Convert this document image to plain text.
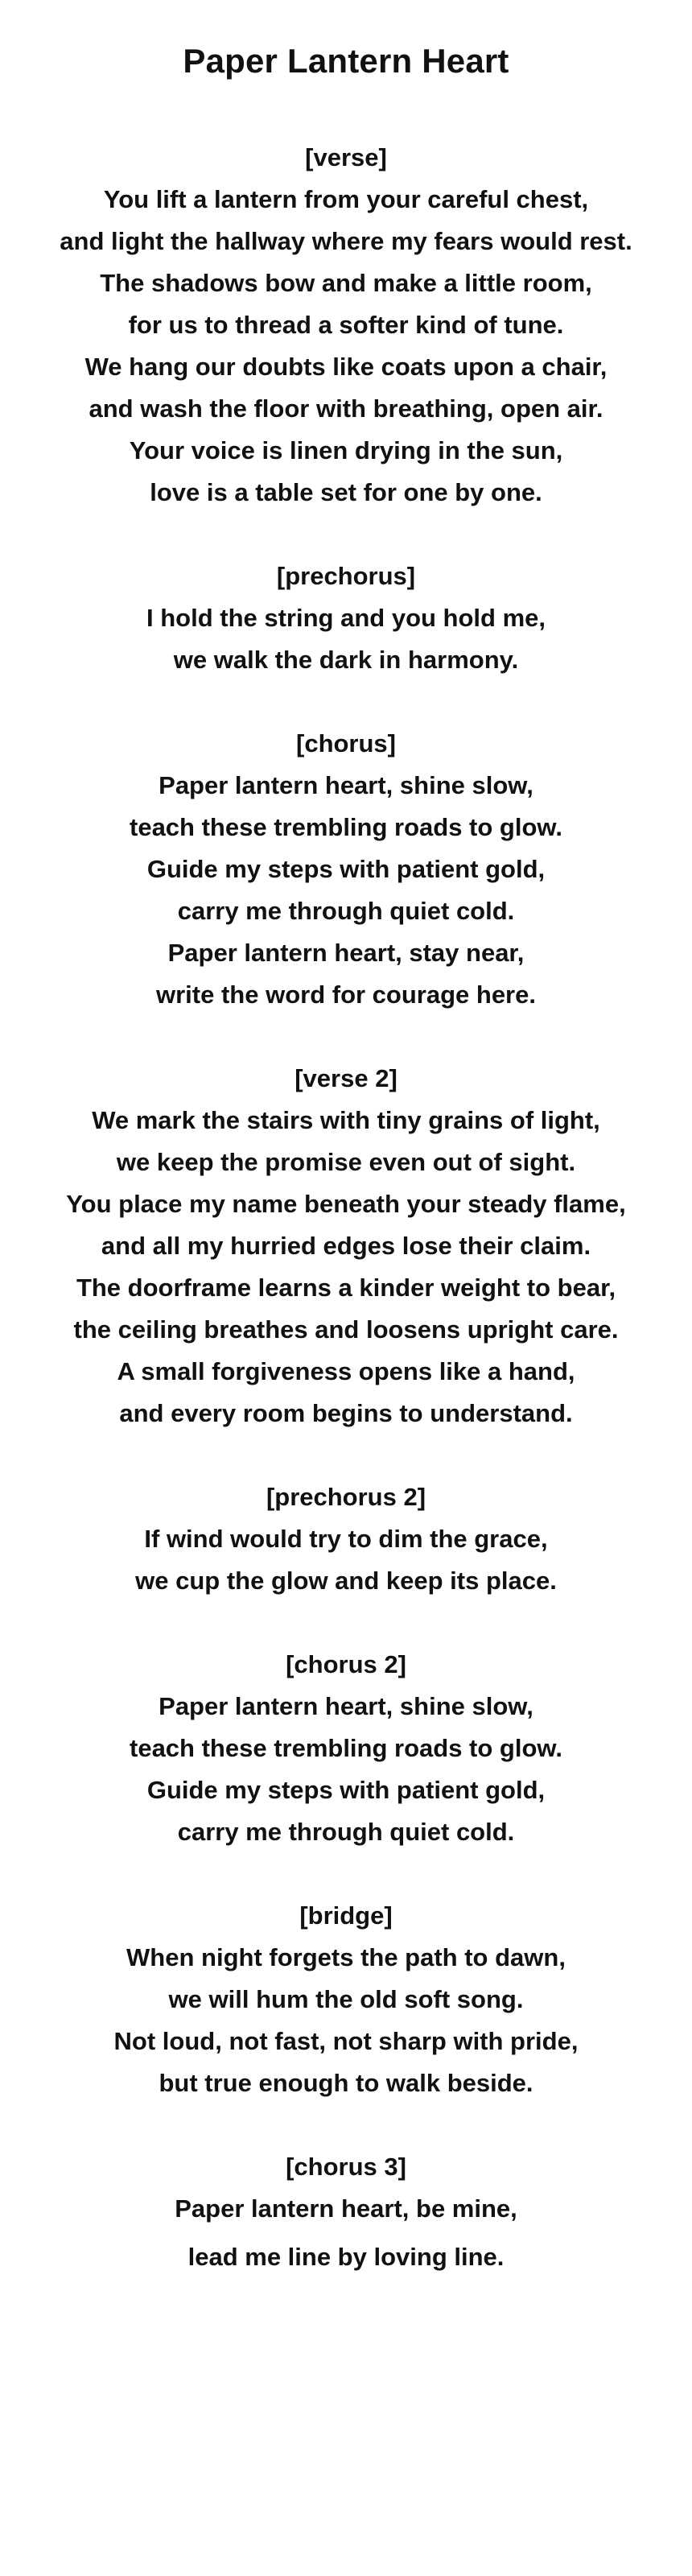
Paper Lantern Heart
[verse]
You lift a lantern from your careful chest,
and light the hallway where my fears would rest.
The shadows bow and make a little room,
for us to thread a softer kind of tune.
We hang our doubts like coats upon a chair,
and wash the floor with breathing, open air.
Your voice is linen drying in the sun,
love is a table set for one by one.
[prechorus]
I hold the string and you hold me,
we walk the dark in harmony.
[chorus]
Paper lantern heart, shine slow,
teach these trembling roads to glow.
Guide my steps with patient gold,
carry me through quiet cold.
Paper lantern heart, stay near,
write the word for courage here.
[verse 2]
We mark the stairs with tiny grains of light,
we keep the promise even out of sight.
You place my name beneath your steady flame,
and all my hurried edges lose their claim.
The doorframe learns a kinder weight to bear,
the ceiling breathes and loosens upright care.
A small forgiveness opens like a hand,
and every room begins to understand.
[prechorus 2]
If wind would try to dim the grace,
we cup the glow and keep its place.
[chorus 2]
Paper lantern heart, shine slow,
teach these trembling roads to glow.
Guide my steps with patient gold,
carry me through quiet cold.
[bridge]
When night forgets the path to dawn,
we will hum the old soft song.
Not loud, not fast, not sharp with pride,
but true enough to walk beside.
[chorus 3]
Paper lantern heart, be mine,
lead me line by loving line.
